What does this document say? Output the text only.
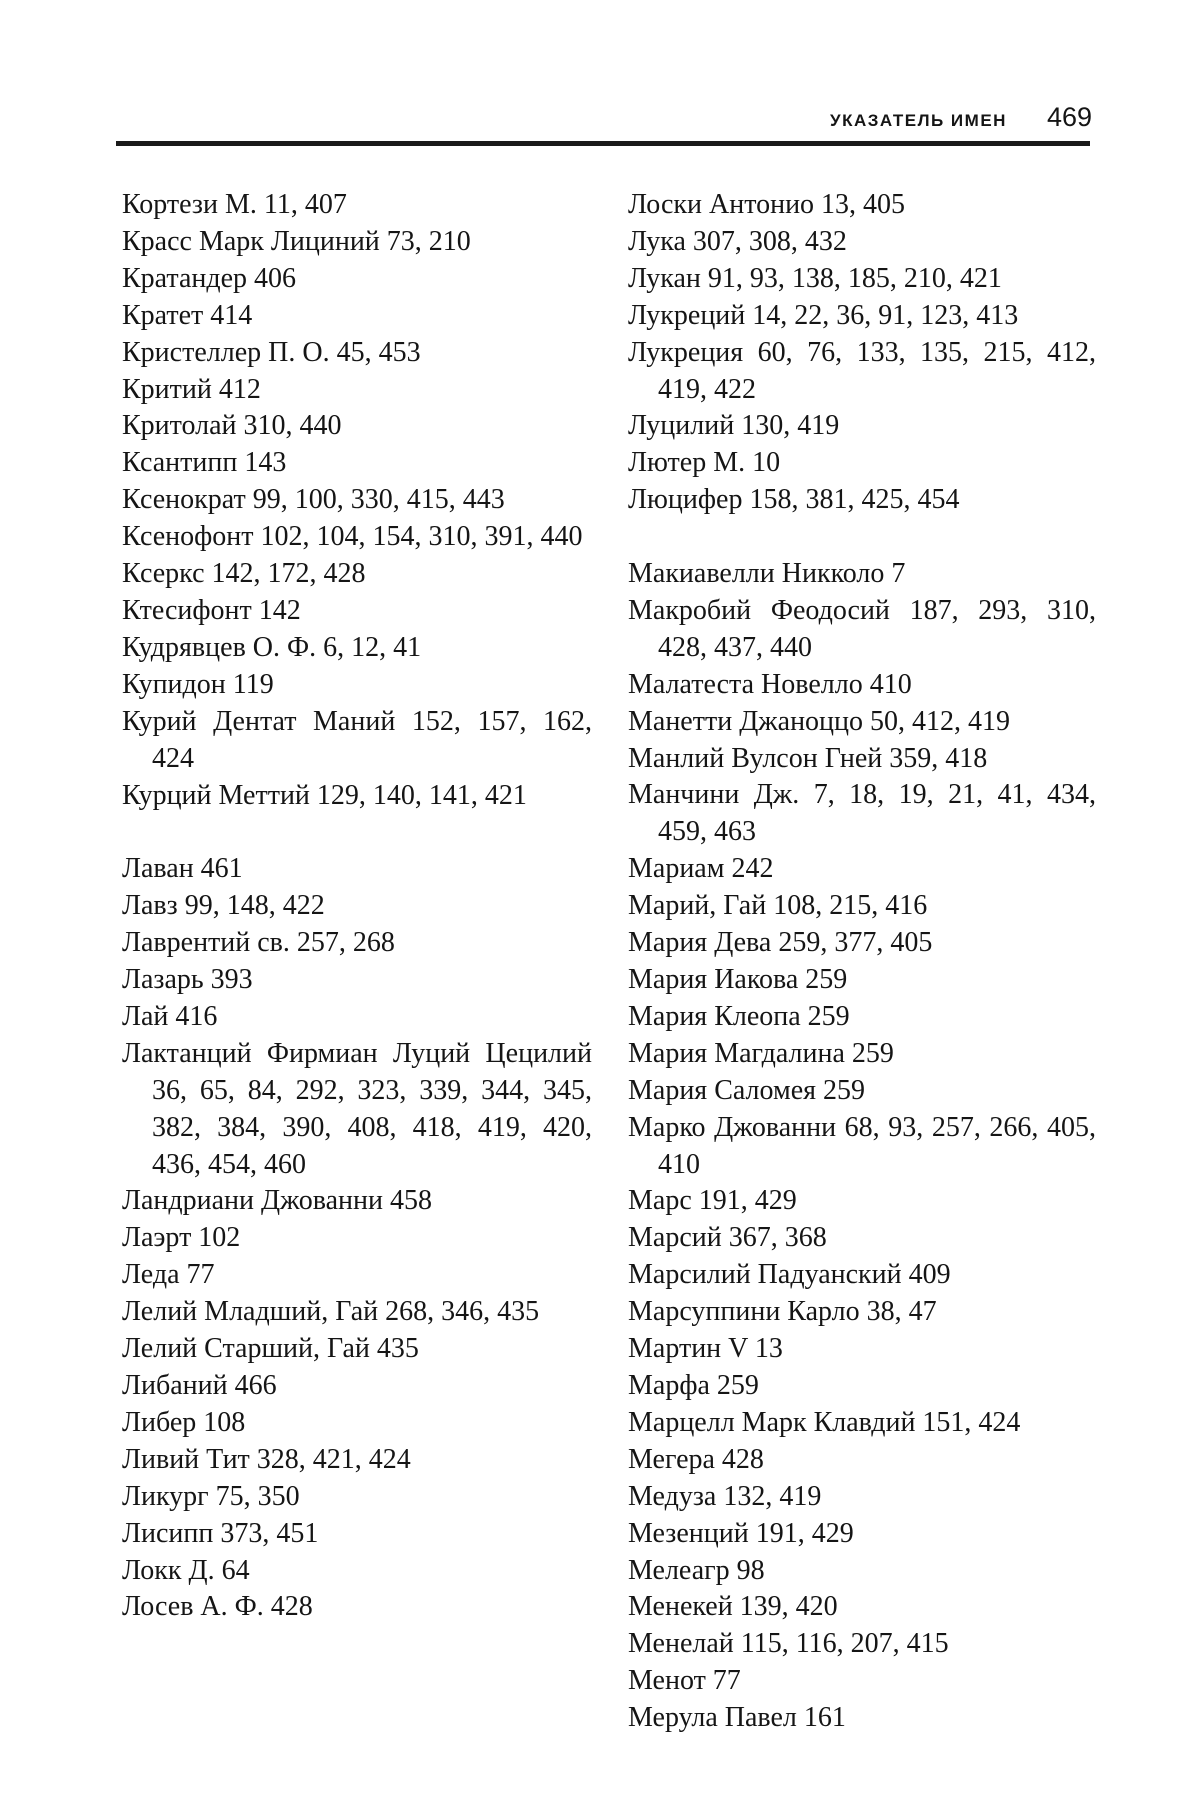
УКАЗАТЕЛЬ ИМЕН 469
Кортези М. 11, 407
Красс Марк Лициний 73, 210
Кратандер 406
Кратет 414
Кристеллер П. О. 45, 453
Критий 412
Критолай 310, 440
Ксантипп 143
Ксенократ 99, 100, 330, 415, 443
Ксенофонт 102, 104, 154, 310, 391, 440
Ксеркс 142, 172, 428
Ктесифонт 142
Кудрявцев О. Ф. 6, 12, 41
Купидон 119
Курий Дентат Маний 152, 157, 162, 424
Курций Меттий 129, 140, 141, 421
Лаван 461
Лавз 99, 148, 422
Лаврентий св. 257, 268
Лазарь 393
Лай 416
Лактанций Фирмиан Луций Цецилий 36, 65, 84, 292, 323, 339, 344, 345, 382, 384, 390, 408, 418, 419, 420, 436, 454, 460
Ландриани Джованни 458
Лаэрт 102
Леда 77
Лелий Младший, Гай 268, 346, 435
Лелий Старший, Гай 435
Либаний 466
Либер 108
Ливий Тит 328, 421, 424
Ликург 75, 350
Лисипп 373, 451
Локк Д. 64
Лосев А. Ф. 428
Лоски Антонио 13, 405
Лука 307, 308, 432
Лукан 91, 93, 138, 185, 210, 421
Лукреций 14, 22, 36, 91, 123, 413
Лукреция 60, 76, 133, 135, 215, 412, 419, 422
Луцилий 130, 419
Лютер М. 10
Люцифер 158, 381, 425, 454
Макиавелли Никколо 7
Макробий Феодосий 187, 293, 310, 428, 437, 440
Малатеста Новелло 410
Манетти Джаноццо 50, 412, 419
Манлий Вулсон Гней 359, 418
Манчини Дж. 7, 18, 19, 21, 41, 434, 459, 463
Мариам 242
Марий, Гай 108, 215, 416
Мария Дева 259, 377, 405
Мария Иакова 259
Мария Клеопа 259
Мария Магдалина 259
Мария Саломея 259
Марко Джованни 68, 93, 257, 266, 405, 410
Марс 191, 429
Марсий 367, 368
Марсилий Падуанский 409
Марсуппини Карло 38, 47
Мартин V 13
Марфа 259
Марцелл Марк Клавдий 151, 424
Мегера 428
Медуза 132, 419
Мезенций 191, 429
Мелеагр 98
Менекей 139, 420
Менелай 115, 116, 207, 415
Менот 77
Мерула Павел 161
